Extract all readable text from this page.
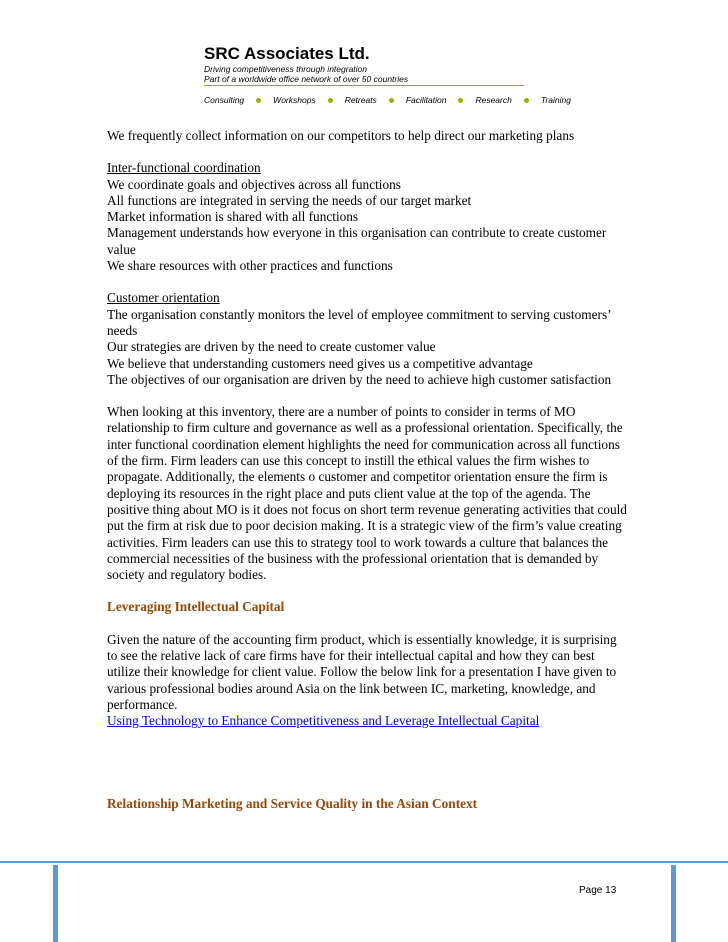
SRC Associates Ltd.

Driving competitiveness through integration

Part of a worldwide office network of over 50 countries

Consulting	Workshops	Retreats	Facilitation	Research	Training

We frequently collect information on our competitors to help direct our marketing plans

Inter-functional coordination

We coordinate goals and objectives across all functions

All functions are integrated in serving the needs of our target market

Market information is shared with all functions

Management understands how everyone in this organisation can contribute to create customer value

We share resources with other practices and functions

Customer orientation

The organisation constantly monitors the level of employee commitment to serving customers’ needs

Our strategies are driven by the need to create customer value

We believe that understanding customers need gives us a competitive advantage

The objectives of our organisation are driven by the need to achieve high customer satisfaction

When looking at this inventory, there are a number of points to consider in terms of MO relationship to firm culture and governance as well as a professional orientation. Specifically, the inter functional coordination element highlights the need for communication across all functions of the firm. Firm leaders can use this concept to instill the ethical values the firm wishes to propagate. Additionally, the elements o customer and competitor orientation ensure the firm is deploying its resources in the right place and puts client value at the top of the agenda. The positive thing about MO is it does not focus on short term revenue generating activities that could put the firm at risk due to poor decision making. It is a strategic view of the firm’s value creating activities. Firm leaders can use this to strategy tool to work towards a culture that balances the commercial necessities of the business with the professional orientation that is demanded by society and regulatory bodies.

Leveraging Intellectual Capital

Given the nature of the accounting firm product, which is essentially knowledge, it is surprising to see the relative lack of care firms have for their intellectual capital and how they can best utilize their knowledge for client value. Follow the below link for a presentation I have given to various professional bodies around Asia on the link between IC, marketing, knowledge, and performance.

Using Technology to Enhance Competitiveness and Leverage Intellectual Capital

Relationship Marketing and Service Quality in the Asian Context

Page 13
